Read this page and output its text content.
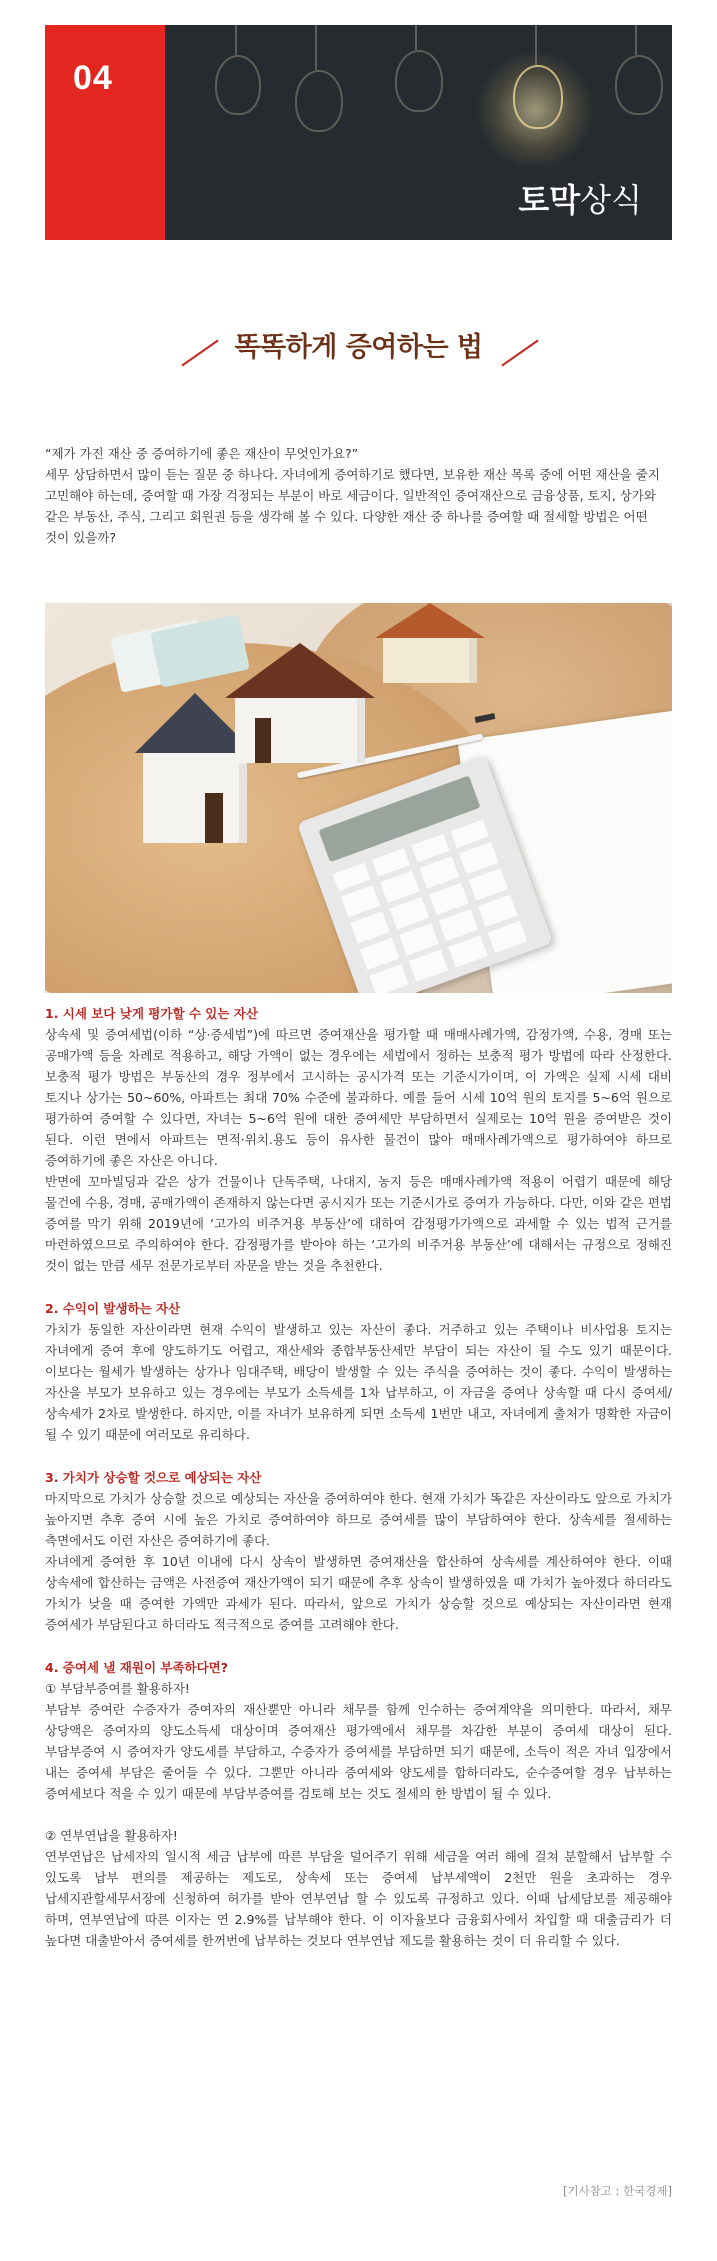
04
토막상식
똑똑하게 증여하는 법

“제가 가진 재산 중 증여하기에 좋은 재산이 무엇인가요?”

세무 상담하면서 많이 듣는 질문 중 하나다. 자녀에게 증여하기로 했다면, 보유한 재산 목록 중에 어떤 재산을 줄지 고민해야 하는데, 증여할 때 가장 걱정되는 부분이 바로 세금이다. 일반적인 증여재산으로 금융상품, 토지, 상가와 같은 부동산, 주식, 그리고 회원권 등을 생각해 볼 수 있다. 다양한 재산 중 하나를 증여할 때 절세할 방법은 어떤 것이 있을까?

1. 시세 보다 낮게 평가할 수 있는 자산

상속세 및 증여세법(이하 “상·증세법”)에 따르면 증여재산을 평가할 때 매매사례가액, 감정가액, 수용, 경매 또는 공매가액 등을 차례로 적용하고, 해당 가액이 없는 경우에는 세법에서 정하는 보충적 평가 방법에 따라 산정한다. 보충적 평가 방법은 부동산의 경우 정부에서 고시하는 공시가격 또는 기준시가이며, 이 가액은 실제 시세 대비 토지나 상가는 50~60%, 아파트는 최대 70% 수준에 불과하다. 예를 들어 시세 10억 원의 토지를 5~6억 원으로 평가하여 증여할 수 있다면, 자녀는 5~6억 원에 대한 증여세만 부담하면서 실제로는 10억 원을 증여받은 것이 된다. 이런 면에서 아파트는 면적·위치.용도 등이 유사한 물건이 많아 매매사례가액으로 평가하여야 하므로 증여하기에 좋은 자산은 아니다.

반면에 꼬마빌딩과 같은 상가 건물이나 단독주택, 나대지, 농지 등은 매매사례가액 적용이 어렵기 때문에 해당 물건에 수용, 경매, 공매가액이 존재하지 않는다면 공시지가 또는 기준시가로 증여가 가능하다. 다만, 이와 같은 편법 증여를 막기 위해 2019년에 ‘고가의 비주거용 부동산’에 대하여 감정평가가액으로 과세할 수 있는 법적 근거를 마련하였으므로 주의하여야 한다. 감정평가를 받아야 하는 ‘고가의 비주거용 부동산’에 대해서는 규정으로 정해진 것이 없는 만큼 세무 전문가로부터 자문을 받는 것을 추천한다.

2. 수익이 발생하는 자산

가치가 동일한 자산이라면 현재 수익이 발생하고 있는 자산이 좋다. 거주하고 있는 주택이나 비사업용 토지는 자녀에게 증여 후에 양도하기도 어렵고, 재산세와 종합부동산세만 부담이 되는 자산이 될 수도 있기 때문이다. 이보다는 월세가 발생하는 상가나 임대주택, 배당이 발생할 수 있는 주식을 증여하는 것이 좋다. 수익이 발생하는 자산을 부모가 보유하고 있는 경우에는 부모가 소득세를 1차 납부하고, 이 자금을 증여나 상속할 때 다시 증여세/상속세가 2차로 발생한다. 하지만, 이를 자녀가 보유하게 되면 소득세 1번만 내고, 자녀에게 출처가 명확한 자금이 될 수 있기 때문에 여러모로 유리하다.

3. 가치가 상승할 것으로 예상되는 자산

마지막으로 가치가 상승할 것으로 예상되는 자산을 증여하여야 한다. 현재 가치가 똑같은 자산이라도 앞으로 가치가 높아지면 추후 증여 시에 높은 가치로 증여하여야 하므로 증여세를 많이 부담하여야 한다. 상속세를 절세하는 측면에서도 이런 자산은 증여하기에 좋다.

자녀에게 증여한 후 10년 이내에 다시 상속이 발생하면 증여재산을 합산하여 상속세를 계산하여야 한다. 이때 상속세에 합산하는 금액은 사전증여 재산가액이 되기 때문에 추후 상속이 발생하였을 때 가치가 높아졌다 하더라도 가치가 낮을 때 증여한 가액만 과세가 된다. 따라서, 앞으로 가치가 상승할 것으로 예상되는 자산이라면 현재 증여세가 부담된다고 하더라도 적극적으로 증여를 고려해야 한다.

4. 증여세 낼 재원이 부족하다면?

① 부담부증여를 활용하자!

부담부 증여란 수증자가 증여자의 재산뿐만 아니라 채무를 함께 인수하는 증여계약을 의미한다. 따라서, 채무 상당액은 증여자의 양도소득세 대상이며 증여재산 평가액에서 채무를 차감한 부분이 증여세 대상이 된다. 부담부증여 시 증여자가 양도세를 부담하고, 수증자가 증여세를 부담하면 되기 때문에, 소득이 적은 자녀 입장에서 내는 증여세 부담은 줄어들 수 있다. 그뿐만 아니라 증여세와 양도세를 합하더라도, 순수증여할 경우 납부하는 증여세보다 적을 수 있기 때문에 부담부증여를 검토해 보는 것도 절세의 한 방법이 될 수 있다.

② 연부연납을 활용하자!

연부연납은 납세자의 일시적 세금 납부에 따른 부담을 덜어주기 위해 세금을 여러 해에 걸쳐 분할해서 납부할 수 있도록 납부 편의를 제공하는 제도로, 상속세 또는 증여세 납부세액이 2천만 원을 초과하는 경우 납세지관할세무서장에 신청하여 허가를 받아 연부연납 할 수 있도록 규정하고 있다. 이때 납세담보를 제공해야 하며, 연부연납에 따른 이자는 연 2.9%를 납부해야 한다. 이 이자율보다 금융회사에서 차입할 때 대출금리가 더 높다면 대출받아서 증여세를 한꺼번에 납부하는 것보다 연부연납 제도를 활용하는 것이 더 유리할 수 있다.

[기사참고 : 한국경제]
